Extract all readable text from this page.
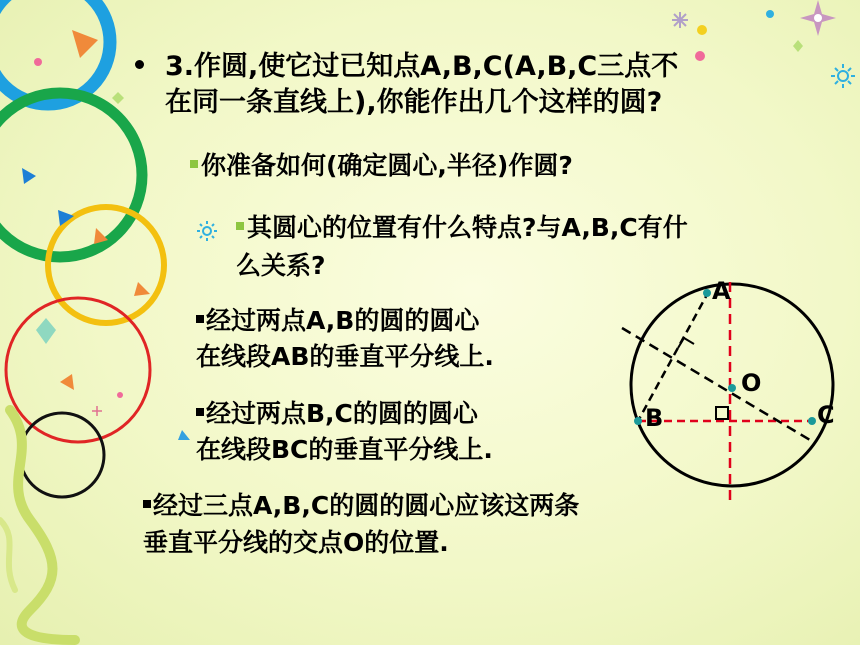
3.作圆,使它过已知点A,B,C(A,B,C三点不
在同一条直线上),你能作出几个这样的圆?
你准备如何(确定圆心,半径)作圆?
其圆心的位置有什么特点?与A,B,C有什
么关系?
经过两点A,B的圆的圆心
在线段AB的垂直平分线上.
经过两点B,C的圆的圆心
在线段BC的垂直平分线上.
经过三点A,B,C的圆的圆心应该这两条
垂直平分线的交点O的位置.
A
B	C
O
